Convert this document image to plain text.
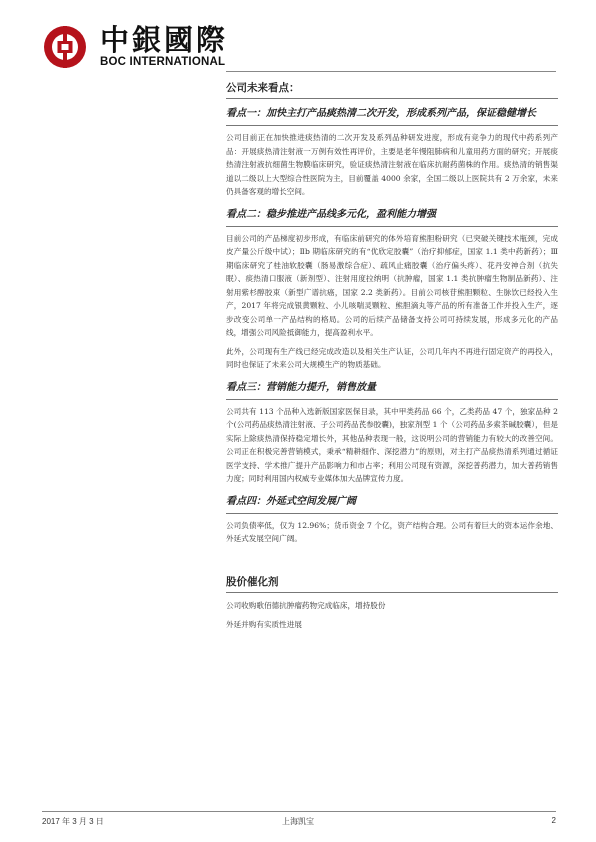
中銀國際
BOC INTERNATIONAL
公司未来看点：
看点一：加快主打产品痰热清二次开发，形成系列产品，保证稳健增长

公司目前正在加快推进痰热清的二次开发及系列品种研发进度，形成有竞争力的现代中药系列产品：开展痰热清注射液一万例有效性再评价，主要是老年慢阻肺病和儿童用药方面的研究；开展痰热清注射液抗细菌生物膜临床研究，验证痰热清注射液在临床抗耐药菌株的作用。痰热清的销售渠道以二级以上大型综合性医院为主，目前覆盖 4000 余家，全国二级以上医院共有 2 万余家，未来仍具备客观的增长空间。

看点二：稳步推进产品线多元化，盈利能力增强

目前公司的产品梯度初步形成，有临床前研究的体外培育熊胆粉研究（已突破关键技术瓶颈，完成皮产量公斤级中试）；Ⅱb 期临床研究的有“优欣定胶囊”（治疗抑郁症，国家 1.1 类中药新药）；Ⅲ期临床研究了桂油软胶囊（肠易激综合症）、疏风止痛胶囊（治疗偏头疼）、花丹安神合剂（抗失眠）、痰热清口服液（新剂型）、注射用度拉纳明（抗肿瘤，国家 1.1 类抗肿瘤生物制品新药）、注射用紫杉醇胶束（新型广谱抗癌，国家 2.2 类新药）。目前公司核苷熊胆颗粒、生脉饮已经投入生产，2017 年将完成银黄颗粒、小儿咳喘灵颗粒、熊胆滴丸等产品的所有准备工作并投入生产，逐步改变公司单一产品结构的格局。公司的后续产品储备支持公司可持续发展，形成多元化的产品线，增强公司风险抵御能力，提高盈利水平。

此外，公司现有生产线已经完成改造以及相关生产认证，公司几年内不再进行固定资产的再投入，同时也保证了未来公司大规模生产的物质基础。

看点三：营销能力提升，销售放量

公司共有 113 个品种入选新版国家医保目录，其中甲类药品 66 个，乙类药品 47 个，独家品种 2 个(公司药品痰热清注射液、子公司药品芪参胶囊)，独家剂型 1 个（公司药品多索茶碱胶囊），但是实际上除痰热清保持稳定增长外，其他品种表现一般，这说明公司的营销能力有较大的改善空间。公司正在积极完善营销模式，秉承“精耕细作、深挖潜力”的原则，对主打产品痰热清系列通过循证医学支持、学术推广提升产品影响力和市占率；利用公司现有资源，深挖普药潜力，加大普药销售力度；同时利用国内权威专业媒体加大品牌宣传力度。

看点四：外延式空间发展广阔

公司负债率低，仅为 12.96%；货币资金 7 个亿，资产结构合理。公司有着巨大的资本运作余地、外延式发展空间广阔。

股价催化剂

公司收购歌佰德抗肿瘤药物完成临床，增持股份

外延并购有实质性进展

2017 年 3 月 3 日	上海凯宝	2
